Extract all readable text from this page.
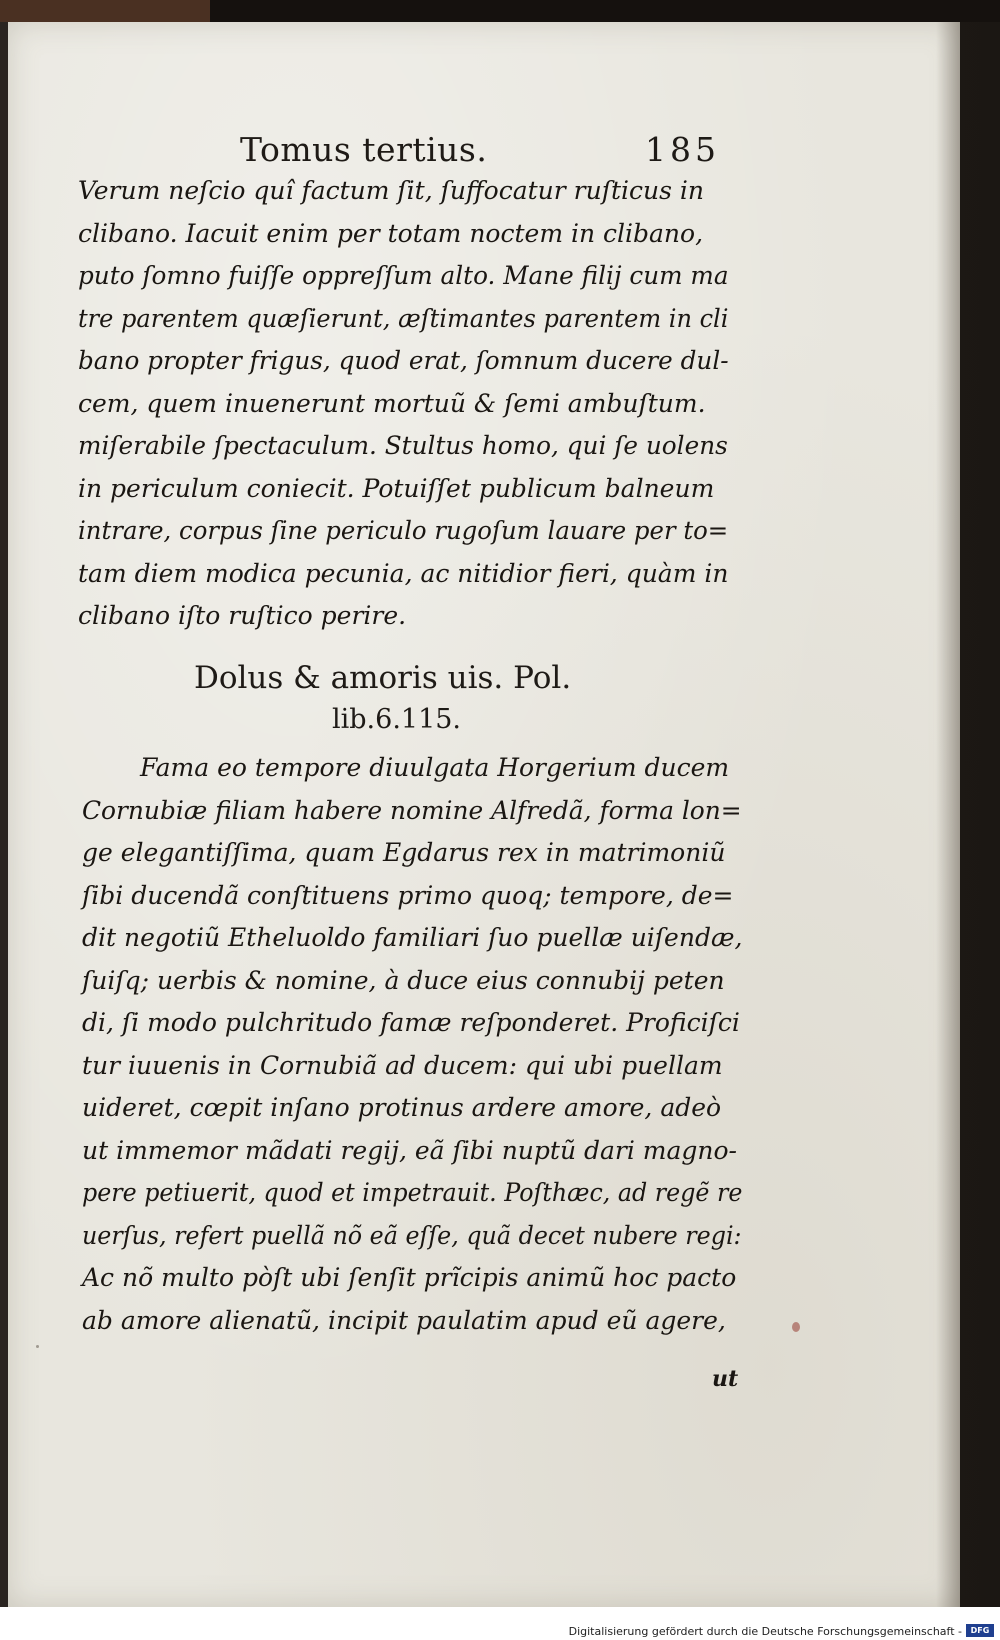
Tomus tertius.	185
Verum neſcio quî factum ſit, ſuffocatur ruſticus in
clibano. Iacuit enim per totam noctem in clibano,
puto ſomno fuiſſe oppreſſum alto. Mane filij cum ma
tre parentem quæſierunt, æſtimantes parentem in cli
bano propter frigus, quod erat, ſomnum ducere dul-
cem, quem inuenerunt mortuũ & ſemi ambuſtum.
miſerabile ſpectaculum. Stultus homo, qui ſe uolens
in periculum coniecit. Potuiſſet publicum balneum
intrare, corpus ſine periculo rugoſum lauare per to=
tam diem modica pecunia, ac nitidior fieri, quàm in
clibano iſto ruſtico perire.
Dolus & amoris uis. Pol.
lib.6.115.
Fama eo tempore diuulgata Horgerium ducem
Cornubiæ filiam habere nomine Alfredã, forma lon=
ge elegantiſſima, quam Egdarus rex in matrimoniũ
ſibi ducendã conſtituens primo quoq; tempore, de=
dit negotiũ Etheluoldo familiari ſuo puellæ uiſendæ,
ſuiſq; uerbis & nomine, à duce eius connubij peten
di, ſi modo pulchritudo famæ reſponderet. Proficiſci
tur iuuenis in Cornubiã ad ducem: qui ubi puellam
uideret, cœpit inſano protinus ardere amore, adeò
ut immemor mãdati regij, eã ſibi nuptũ dari magno-
pere petiuerit, quod et impetrauit. Poſthæc, ad regẽ re
uerſus, refert puellã nõ eã eſſe, quã decet nubere regi:
Ac nõ multo pòſt ubi ſenſit prĩcipis animũ hoc pacto
ab amore alienatũ, incipit paulatim apud eũ agere,
ut
Digitalisierung gefördert durch die Deutsche Forschungsgemeinschaft -	DFG
